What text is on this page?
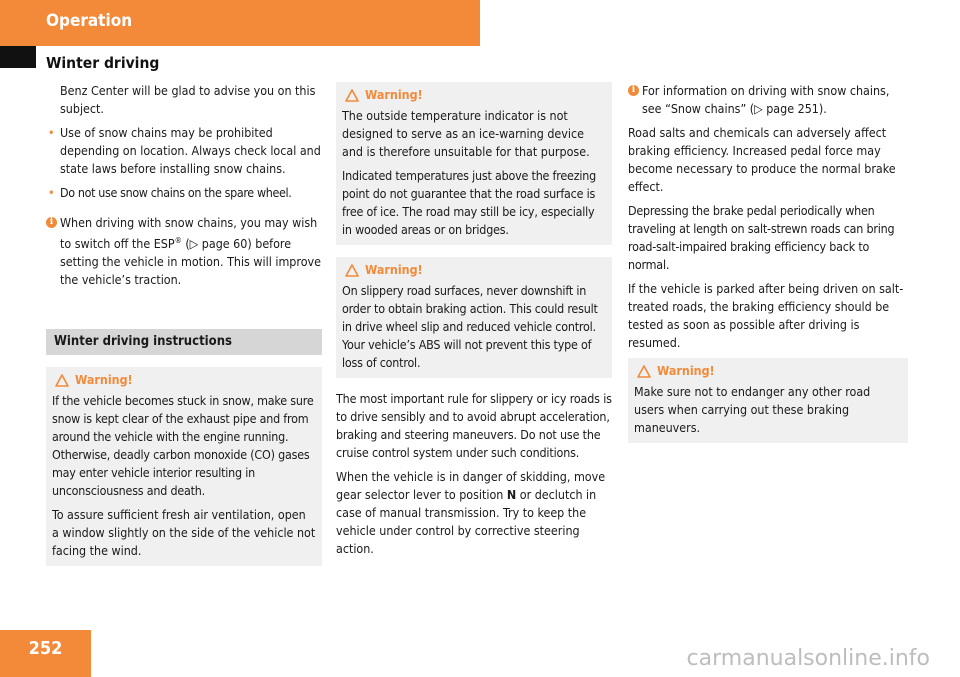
Operation
Winter driving

Benz Center will be glad to advise you on this subject.

• Use of snow chains may be prohibited depending on location. Always check local and state laws before installing snow chains.
• Do not use snow chains on the spare wheel.
i When driving with snow chains, you may wish to switch off the ESP® (▷ page 60) before setting the vehicle in motion. This will improve the vehicle’s traction.
Winter driving instructions
Warning!

If the vehicle becomes stuck in snow, make sure snow is kept clear of the exhaust pipe and from around the vehicle with the engine running. Otherwise, deadly carbon monoxide (CO) gases may enter vehicle interior resulting in unconsciousness and death.

To assure sufficient fresh air ventilation, open a window slightly on the side of the vehicle not facing the wind.

Warning!

The outside temperature indicator is not designed to serve as an ice-warning device and is therefore unsuitable for that purpose.

Indicated temperatures just above the freezing point do not guarantee that the road surface is free of ice. The road may still be icy, especially in wooded areas or on bridges.

Warning!

On slippery road surfaces, never downshift in order to obtain braking action. This could result in drive wheel slip and reduced vehicle control. Your vehicle’s ABS will not prevent this type of loss of control.

The most important rule for slippery or icy roads is to drive sensibly and to avoid abrupt acceleration, braking and steering maneuvers. Do not use the cruise control system under such conditions.

When the vehicle is in danger of skidding, move gear selector lever to position N or declutch in case of manual transmission. Try to keep the vehicle under control by corrective steering action.

i For information on driving with snow chains, see “Snow chains” (▷ page 251).

Road salts and chemicals can adversely affect braking efficiency. Increased pedal force may become necessary to produce the normal brake effect.

Depressing the brake pedal periodically when traveling at length on salt-strewn roads can bring road-salt-impaired braking efficiency back to normal.

If the vehicle is parked after being driven on salt-treated roads, the braking efficiency should be tested as soon as possible after driving is resumed.

Warning!

Make sure not to endanger any other road users when carrying out these braking maneuvers.

252	carmanualsonline.info
